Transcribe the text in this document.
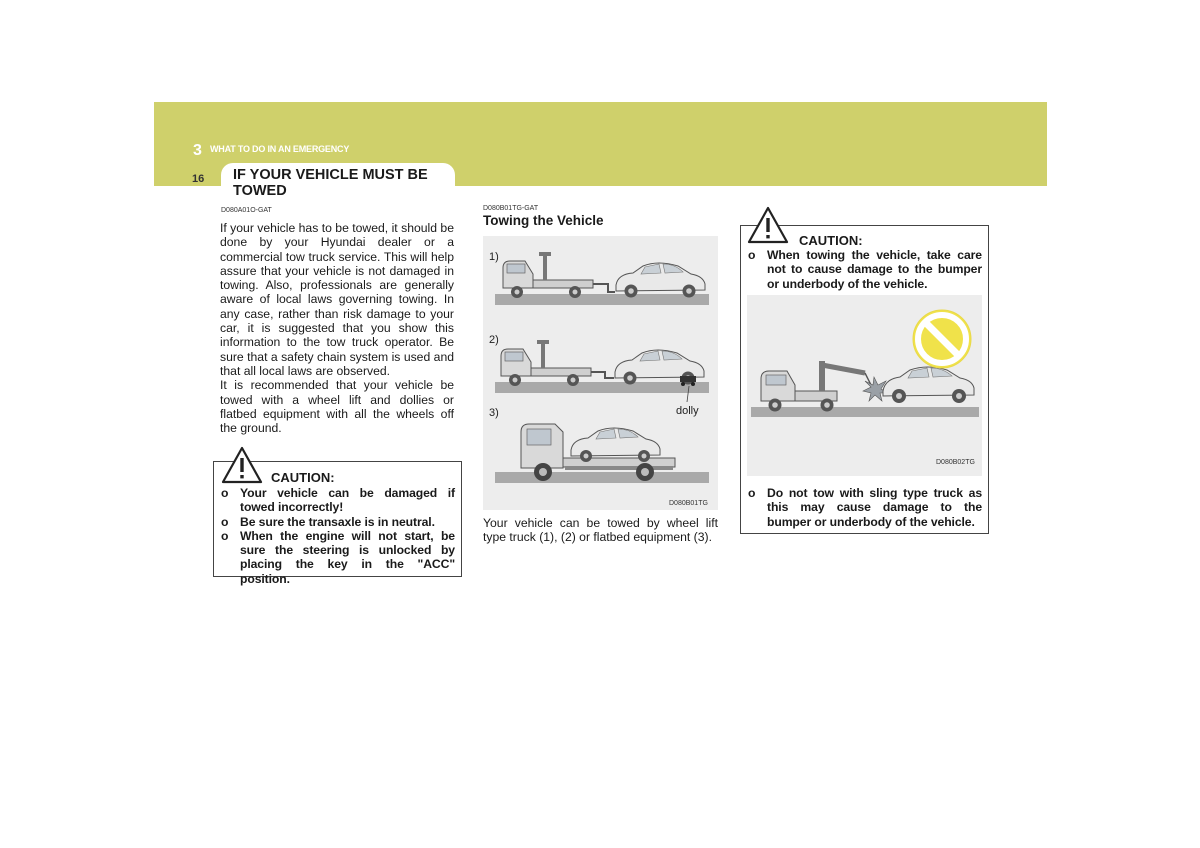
3 WHAT TO DO IN AN EMERGENCY
16 IF YOUR VEHICLE MUST BE TOWED
D080A01O-GAT
If your vehicle has to be towed, it should be done by your Hyundai dealer or a commercial tow truck service. This will help assure that your vehicle is not damaged in towing. Also, professionals are generally aware of local laws governing towing. In any case, rather than risk damage to your car, it is suggested that you show this information to the tow truck operator. Be sure that a safety chain system is used and that all local laws are observed.
It is recommended that your vehicle be towed with a wheel lift and dollies or flatbed equipment with all the wheels off the ground.
CAUTION:
o Your vehicle can be damaged if towed incorrectly!
o Be sure the transaxle is in neutral.
o When the engine will not start, be sure the steering is unlocked by placing the key in the "ACC" position.
D080B01TG-GAT
Towing the Vehicle
1)
2)
3)	dolly
D080B01TG
Your vehicle can be towed by wheel lift type truck (1), (2) or flatbed equipment (3).
CAUTION:
o When towing the vehicle, take care not to cause damage to the bumper or underbody of the vehicle.
D080B02TG
o Do not tow with sling type truck as this may cause damage to the bumper or underbody of the vehicle.
